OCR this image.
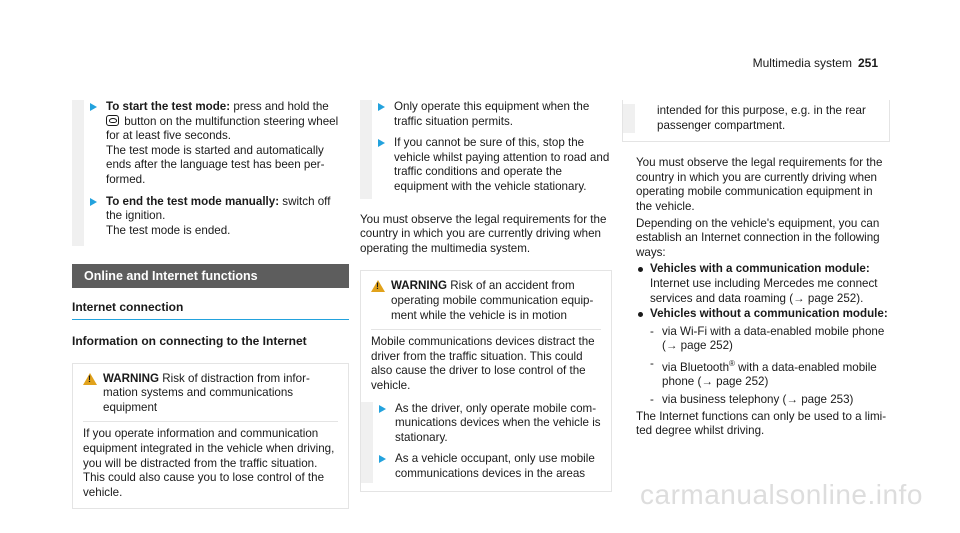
Multimedia system 251
To start the test mode: press and hold the
button on the multifunction steering wheel for at least five seconds.
The test mode is started and automatically ends after the language test has been performed.
To end the test mode manually: switch off the ignition.
The test mode is ended.
Online and Internet functions
Internet connection
Information on connecting to the Internet
!
WARNING Risk of distraction from information systems and communications equipment
If you operate information and communication equipment integrated in the vehicle when driving, you will be distracted from the traffic situation. This could also cause you to lose control of the vehicle.
Only operate this equipment when the traffic situation permits.
If you cannot be sure of this, stop the vehicle whilst paying attention to road and traffic conditions and operate the equipment with the vehicle stationary.
You must observe the legal requirements for the country in which you are currently driving when operating the multimedia system.
!
WARNING Risk of an accident from operating mobile communication equipment while the vehicle is in motion
Mobile communications devices distract the driver from the traffic situation. This could also cause the driver to lose control of the vehicle.
As the driver, only operate mobile communications devices when the vehicle is stationary.
As a vehicle occupant, only use mobile communications devices in the areas
intended for this purpose, e.g. in the rear passenger compartment.
You must observe the legal requirements for the country in which you are currently driving when operating mobile communication equipment in the vehicle.
Depending on the vehicle's equipment, you can establish an Internet connection in the following ways:
Vehicles with a communication module:
Internet use including Mercedes me connect services and data roaming (→ page 252).
Vehicles without a communication module:
- via Wi-Fi with a data-enabled mobile phone (→ page 252)
- via Bluetooth® with a data-enabled mobile phone (→ page 252)
- via business telephony (→ page 253)
The Internet functions can only be used to a limited degree whilst driving.
carmanualsonline.info
